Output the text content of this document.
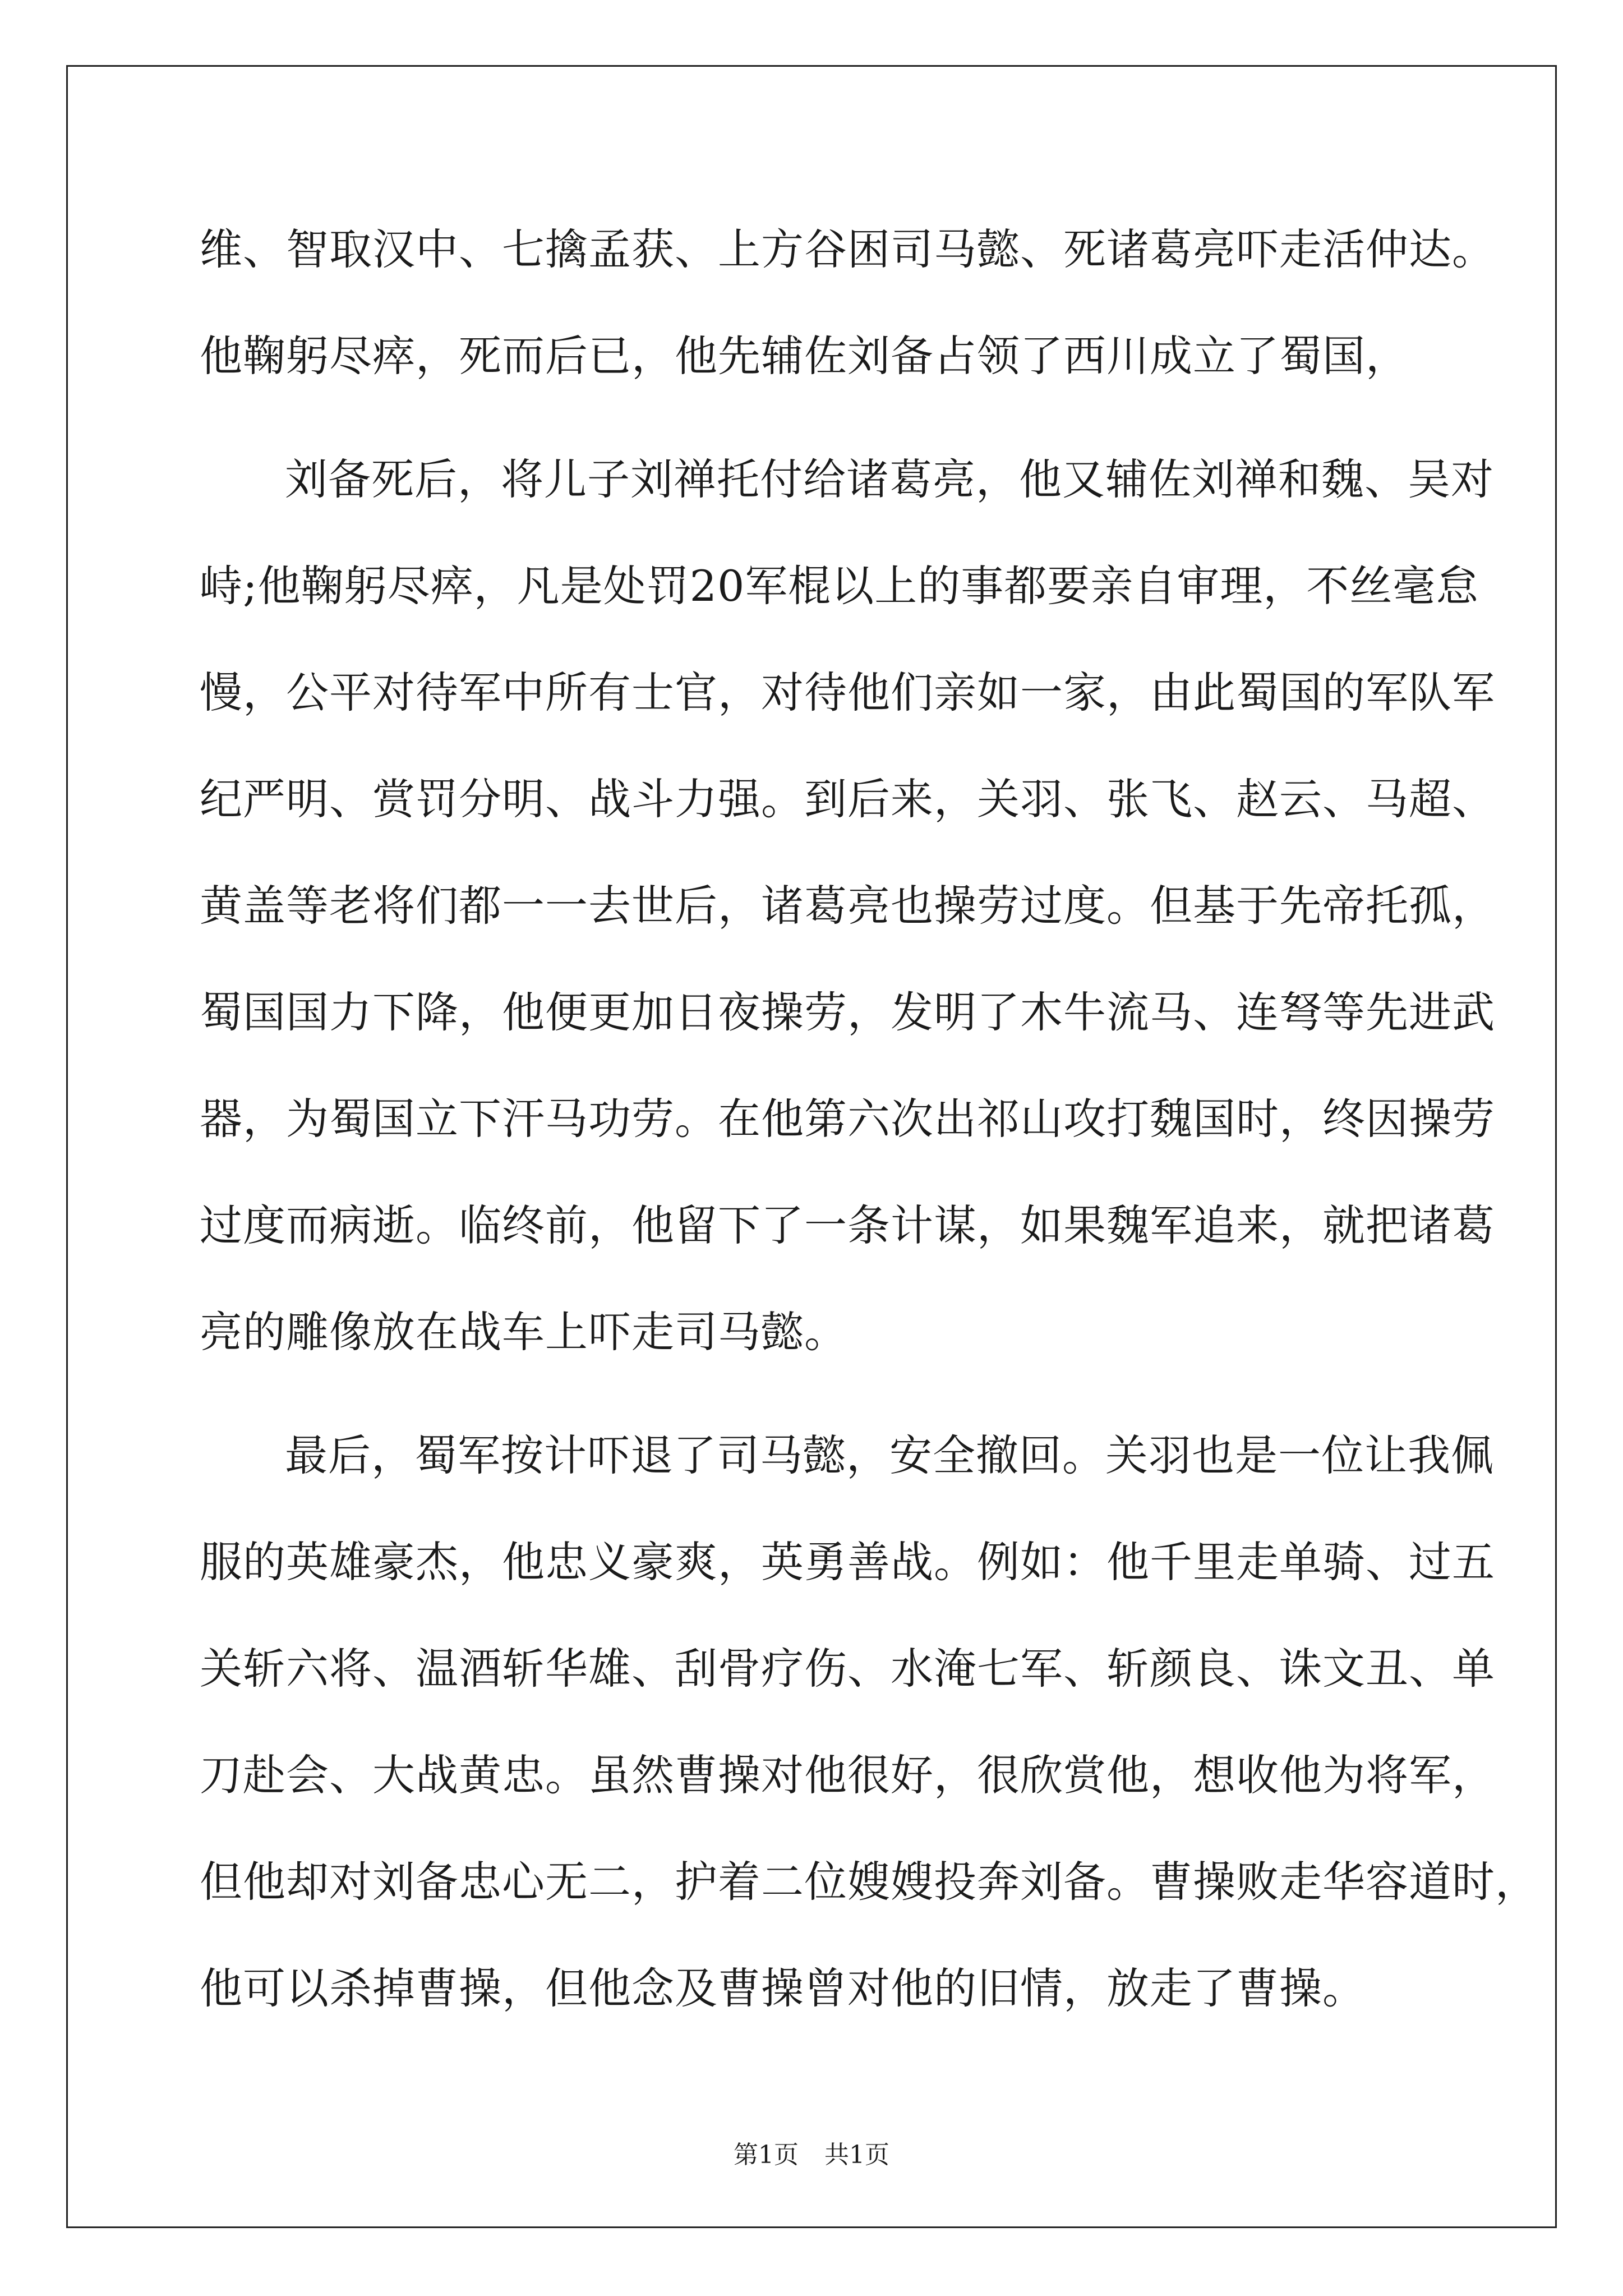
维、智取汉中、七擒孟获、上方谷困司马懿、死诸葛亮吓走活仲达。
他鞠躬尽瘁，死而后已，他先辅佐刘备占领了西川成立了蜀国，
刘备死后，将儿子刘禅托付给诸葛亮，他又辅佐刘禅和魏、吴对
峙;他鞠躬尽瘁，凡是处罚20军棍以上的事都要亲自审理，不丝毫怠
慢，公平对待军中所有士官，对待他们亲如一家，由此蜀国的军队军
纪严明、赏罚分明、战斗力强。到后来，关羽、张飞、赵云、马超、
黄盖等老将们都一一去世后，诸葛亮也操劳过度。但基于先帝托孤，
蜀国国力下降，他便更加日夜操劳，发明了木牛流马、连弩等先进武
器，为蜀国立下汗马功劳。在他第六次出祁山攻打魏国时，终因操劳
过度而病逝。临终前，他留下了一条计谋，如果魏军追来，就把诸葛
亮的雕像放在战车上吓走司马懿。
最后，蜀军按计吓退了司马懿，安全撤回。关羽也是一位让我佩
服的英雄豪杰，他忠义豪爽，英勇善战。例如：他千里走单骑、过五
关斩六将、温酒斩华雄、刮骨疗伤、水淹七军、斩颜良、诛文丑、单
刀赴会、大战黄忠。虽然曹操对他很好，很欣赏他，想收他为将军，
但他却对刘备忠心无二，护着二位嫂嫂投奔刘备。曹操败走华容道时，
他可以杀掉曹操，但他念及曹操曾对他的旧情，放走了曹操。
第1页 共1页
